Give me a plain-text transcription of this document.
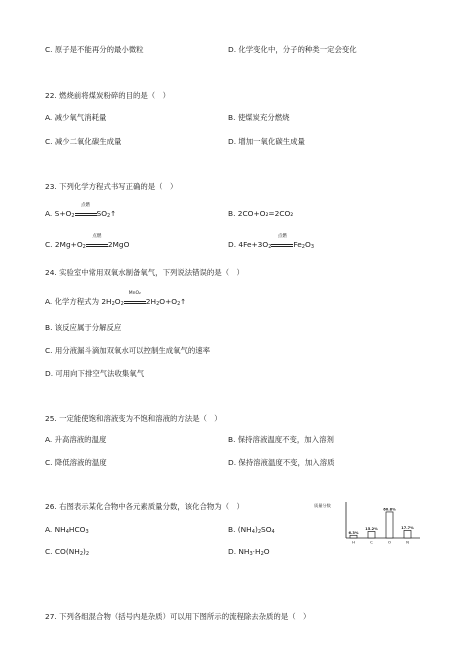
C. 原子是不能再分的最小微粒	D. 化学变化中，分子的种类一定会变化
22. 燃烧前将煤炭粉碎的目的是（　）
A. 减少氧气消耗量	B. 使煤炭充分燃烧
C. 减少二氧化碳生成量	D. 增加一氧化碳生成量
23. 下列化学方程式书写正确的是（　）
A. $S+O_2$
点燃
$SO_2↑$	B. 2CO+O₂=2CO₂
C. $2Mg+O_2$
点燃
2MgO	D. $4Fe+3O_2$
点燃
$Fe_2O_3$
24. 实验室中常用双氧水制备氧气，下列说法错误的是（　）
A. 化学方程式为 $2H_2O_2$
MnO₂
$2H_2O+O_2↑$
B. 该反应属于分解反应
C. 用分液漏斗滴加双氧水可以控制生成氧气的速率
D. 可用向下排空气法收集氧气
25. 一定能使饱和溶液变为不饱和溶液的方法是（　）
A. 升高溶液的温度	B. 保持溶液温度不变，加入溶剂
C. 降低溶液的温度	D. 保持溶液温度不变，加入溶质
26. 右图表示某化合物中各元素质量分数，该化合物为（　）
A. $NH_4HCO_3$	B. $(NH_4)_2SO_4$
C. $CO(NH_2)_2$	D. $NH_3\cdot H_2O$
质量分数
6.3%
H
15.2%
C
60.8%
O
17.7%
N
27. 下列各组混合物（括号内是杂质）可以用下图所示的流程除去杂质的是（　）
